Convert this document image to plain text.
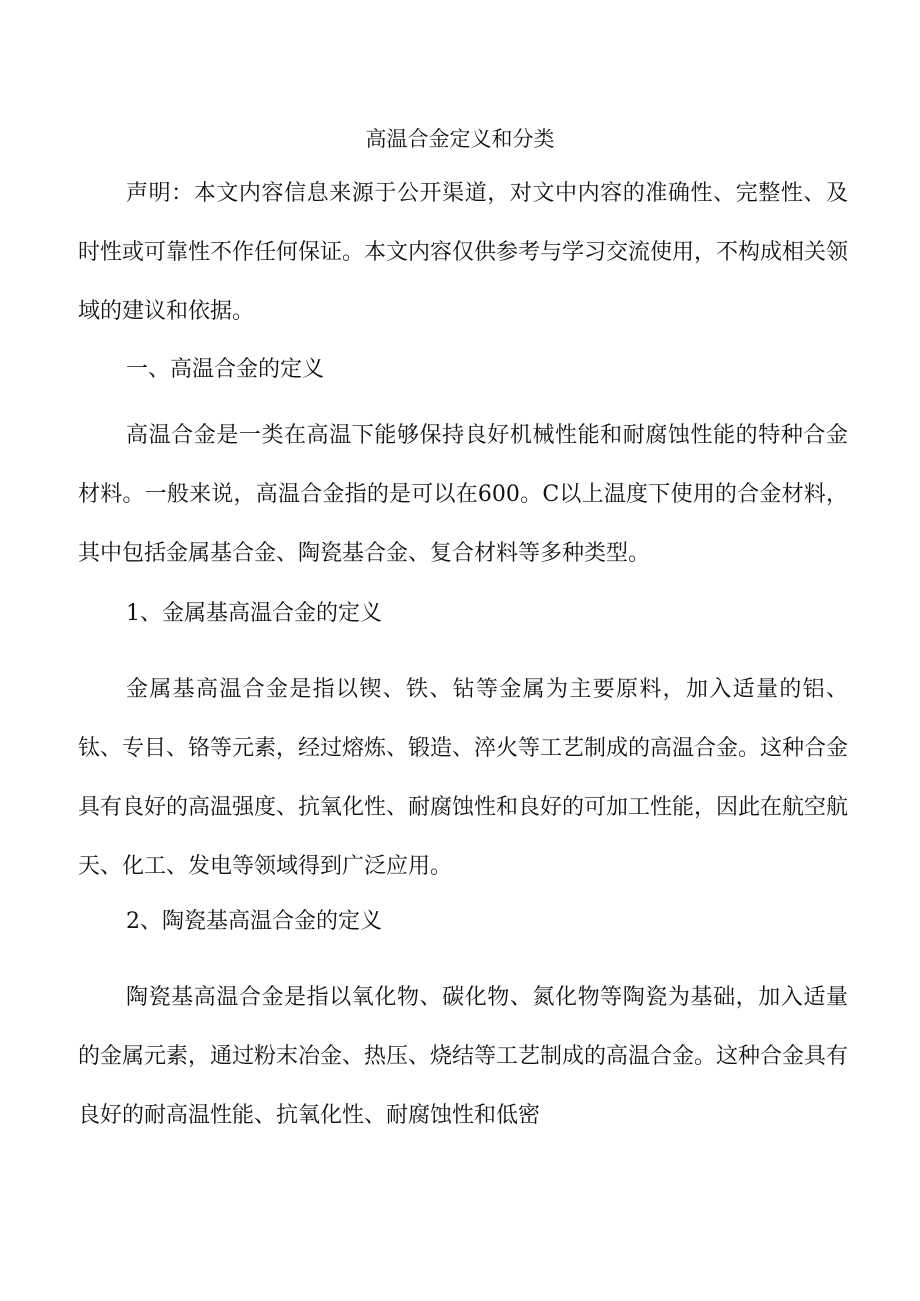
高温合金定义和分类

声明：本文内容信息来源于公开渠道，对文中内容的准确性、完整性、及时性或可靠性不作任何保证。本文内容仅供参考与学习交流使用，不构成相关领域的建议和依据。

一、高温合金的定义

高温合金是一类在高温下能够保持良好机械性能和耐腐蚀性能的特种合金材料。一般来说，高温合金指的是可以在600。C以上温度下使用的合金材料，其中包括金属基合金、陶瓷基合金、复合材料等多种类型。

1、金属基高温合金的定义

金属基高温合金是指以锲、铁、钻等金属为主要原料，加入适量的铝、钛、专目、铬等元素，经过熔炼、锻造、淬火等工艺制成的高温合金。这种合金具有良好的高温强度、抗氧化性、耐腐蚀性和良好的可加工性能，因此在航空航天、化工、发电等领域得到广泛应用。

2、陶瓷基高温合金的定义

陶瓷基高温合金是指以氧化物、碳化物、氮化物等陶瓷为基础，加入适量的金属元素，通过粉末冶金、热压、烧结等工艺制成的高温合金。这种合金具有良好的耐高温性能、抗氧化性、耐腐蚀性和低密
